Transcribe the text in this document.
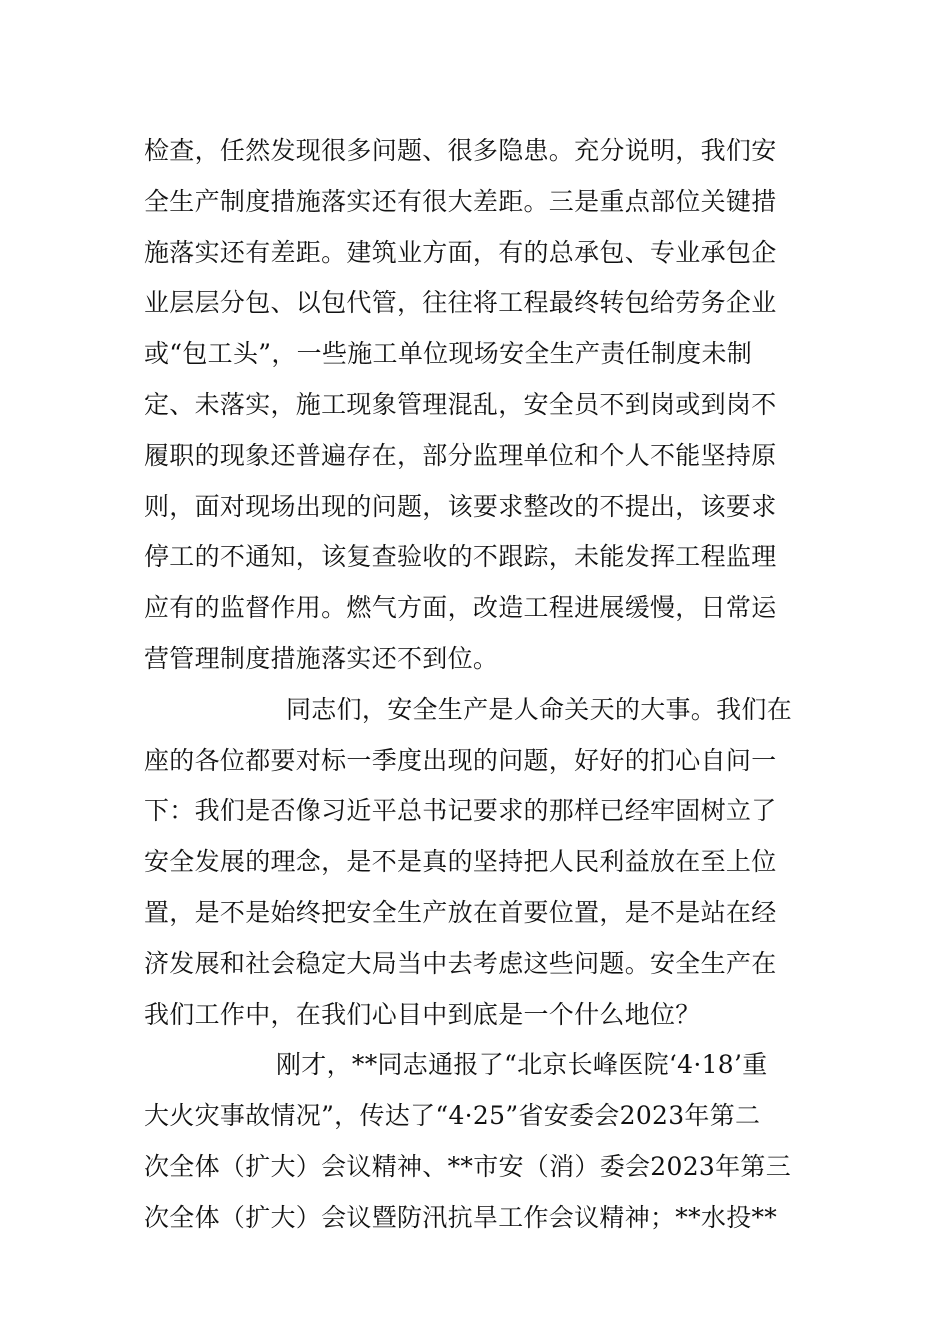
检查，任然发现很多问题、很多隐患。充分说明，我们安
全生产制度措施落实还有很大差距。三是重点部位关键措
施落实还有差距。建筑业方面，有的总承包、专业承包企
业层层分包、以包代管，往往将工程最终转包给劳务企业
或“包工头”，一些施工单位现场安全生产责任制度未制
定、未落实，施工现象管理混乱，安全员不到岗或到岗不
履职的现象还普遍存在，部分监理单位和个人不能坚持原
则，面对现场出现的问题，该要求整改的不提出，该要求
停工的不通知，该复查验收的不跟踪，未能发挥工程监理
应有的监督作用。燃气方面，改造工程进展缓慢，日常运
营管理制度措施落实还不到位。
同志们，安全生产是人命关天的大事。我们在
座的各位都要对标一季度出现的问题，好好的扪心自问一
下：我们是否像习近平总书记要求的那样已经牢固树立了
安全发展的理念，是不是真的坚持把人民利益放在至上位
置，是不是始终把安全生产放在首要位置，是不是站在经
济发展和社会稳定大局当中去考虑这些问题。安全生产在
我们工作中，在我们心目中到底是一个什么地位？
刚才，**同志通报了“北京长峰医院‘4·18’重
大火灾事故情况”，传达了“4·25”省安委会2023年第二
次全体（扩大）会议精神、**市安（消）委会2023年第三
次全体（扩大）会议暨防汛抗旱工作会议精神；**水投**
